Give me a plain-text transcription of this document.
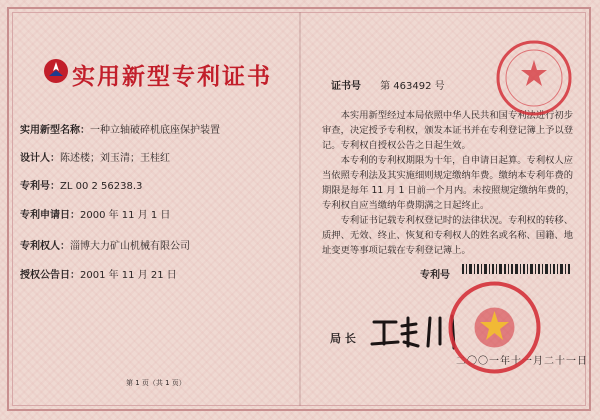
实用新型专利证书
实用新型名称：一种立轴破碎机底座保护装置
设计人：陈述楼；刘玉清；王桂红
专利号：ZL 00 2 56238.3
专利申请日：2000 年 11 月 1 日
专利权人：淄博大力矿山机械有限公司
授权公告日：2001 年 11 月 21 日
证书号 第 463492 号
本实用新型经过本局依照中华人民共和国专利法进行初步审查，决定授予专利权，颁发本证书并在专利登记簿上予以登记。专利权自授权公告之日起生效。
本专利的专利权期限为十年，自申请日起算。专利权人应当依照专利法及其实施细则规定缴纳年费。缴纳本专利年费的期限是每年 11 月 1 日前一个月内。未按照规定缴纳年费的，专利权自应当缴纳年费期满之日起终止。
专利证书记载专利权登记时的法律状况。专利权的转移、质押、无效、终止、恢复和专利权人的姓名或名称、国籍、地址变更等事项记载在专利登记簿上。
专利号
局 长
二〇〇一年十一月二十一日
第 1 页（共 1 页）
